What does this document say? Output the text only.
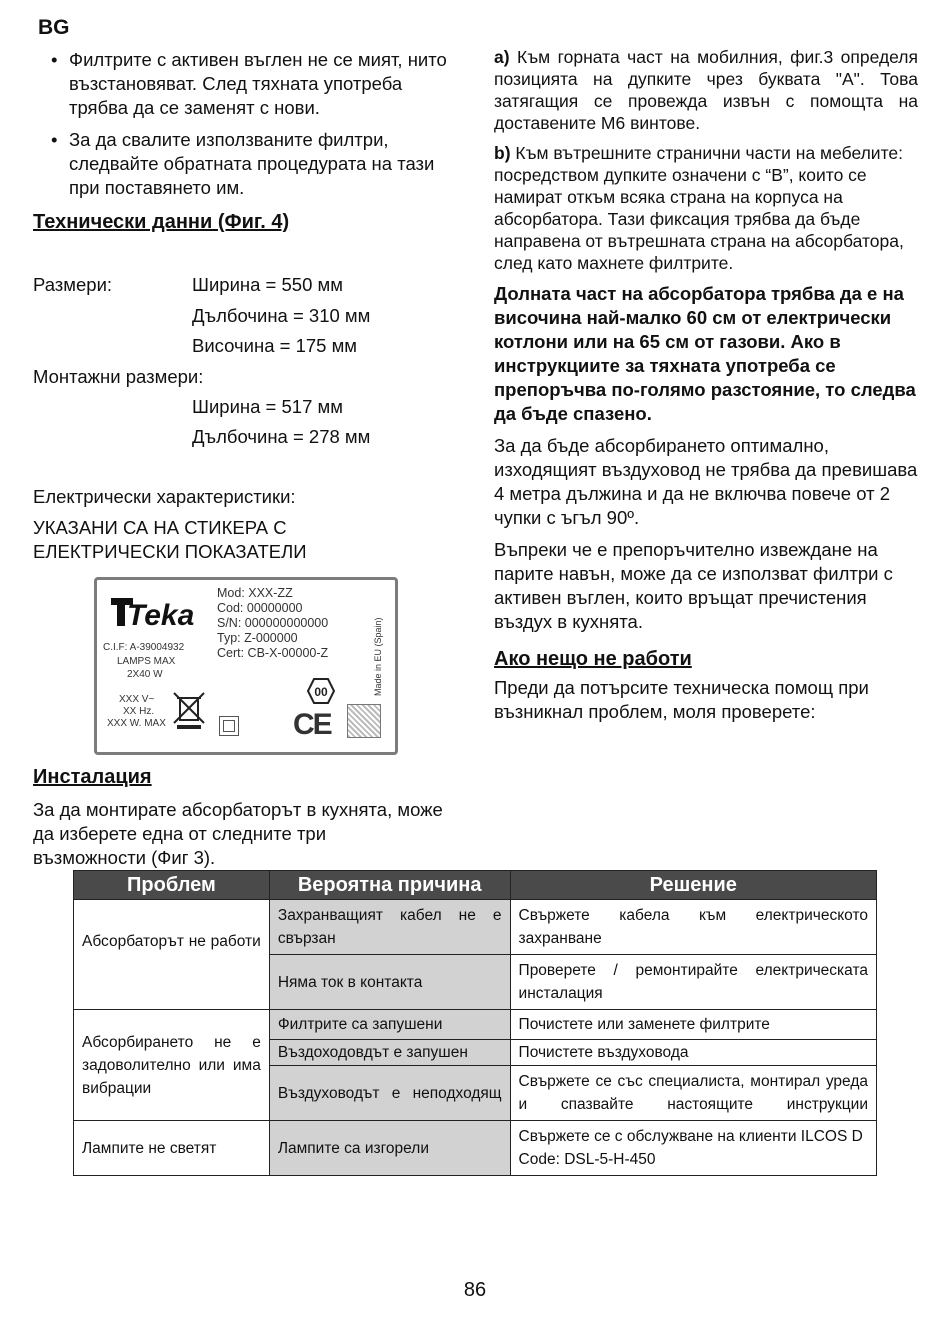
BG
• Филтрите с активен въглен не се мият, нито възстановяват. След тяхната употреба трябва да се заменят с нови.
• За да свалите използваните филтри, следвайте обратната процедурата на тази при поставянето им.
Технически данни (Фиг. 4)
Размери:	Ширина = 550 мм
Дълбочина = 310 мм
Височина = 175 мм
Монтажни размери:
Ширина = 517 мм
Дълбочина = 278 мм
Електрически характеристики:
УКАЗАНИ СА НА СТИКЕРА С ЕЛЕКТРИЧЕСКИ ПОКАЗАТЕЛИ
Teka
C.I.F: A-39004932
LAMPS MAX
2X40 W
XXX V~
XX Hz.
XXX W. MAX
Mod: XXX-ZZ
Cod: 00000000
S/N: 000000000000
Typ: Z-000000
Cert: CB-X-00000-Z	Made in EU (Spain)
00
CE
Инсталация
За да монтирате абсорбаторът в кухнята, може да изберете една от следните три възможности (Фиг 3).

a) Към горната част на мобилния, фиг.3 определя позицията на дупките чрез буквата "A". Това затягащия се провежда извън с помощта на доставените M6 винтове.

b) Към вътрешните странични части на мебелите: посредством дупките означени с “B”, които се намират откъм всяка страна на корпуса на абсорбатора. Тази фиксация трябва да бъде направена от вътрешната страна на абсорбатора, след като махнете филтрите.

Долната част на абсорбатора трябва да е на височина най-малко 60 см от електрически котлони или на 65 см от газови. Ако в инструкциите за тяхната употреба се препоръчва по-голямо разстояние, то следва да бъде спазено.

За да бъде абсорбирането оптимално, изходящият въздуховод не трябва да превишава 4 метра дължина и да не включва повече от 2 чупки с ъгъл 90º.

Въпреки че е препоръчително извеждане на парите навън, може да се използват филтри с активен въглен, които връщат пречистения въздух в кухнята.

Ако нещо не работи

Преди да потърсите техническа помощ при възникнал проблем, моля проверете:

Проблем	Вероятна причина	Решение
Абсорбаторът не работи	Захранващият кабел не е свързан	Свържете кабела към електрическото захранване
	Няма ток в контакта	Проверете / ремонтирайте електрическата инсталация
Абсорбирането не е задоволително или има вибрации	Филтрите са запушени	Почистете или заменете филтрите
	Въздоходовдът е запушен	Почистете въздуховода
	Въздуховодът е неподходящ	Свържете се със специалиста, монтирал уреда и спазвайте настоящите инструкции
Лампите не светят	Лампите са изгорели	Свържете се с обслужване на клиенти ILCOS D Code: DSL-5-H-450
86
